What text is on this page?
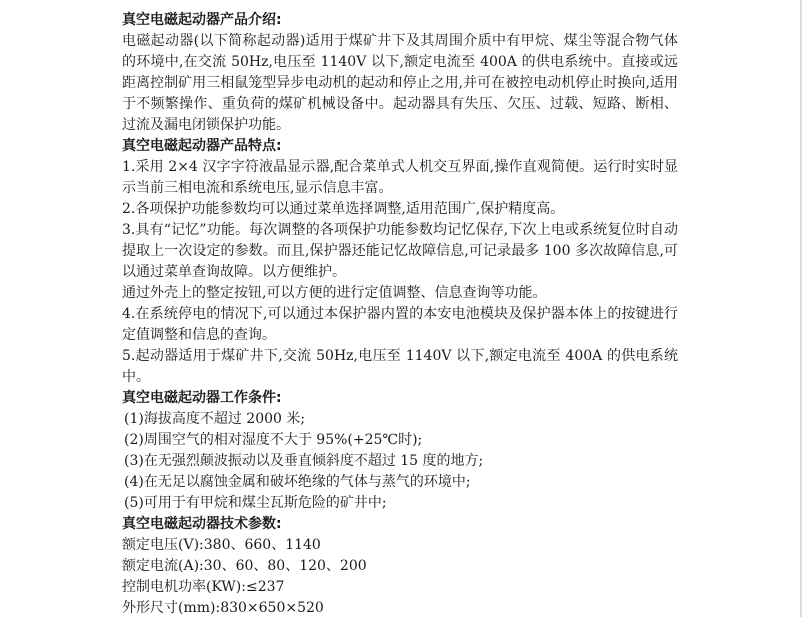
真空电磁起动器产品介绍:

电磁起动器(以下简称起动器)适用于煤矿井下及其周围介质中有甲烷、煤尘等混合物气体的环境中,在交流 50Hz,电压至 1140V 以下,额定电流至 400A 的供电系统中。直接或远距离控制矿用三相鼠笼型异步电动机的起动和停止之用,并可在被控电动机停止时换向,适用于不频繁操作、重负荷的煤矿机械设备中。起动器具有失压、欠压、过载、短路、断相、过流及漏电闭锁保护功能。

真空电磁起动器产品特点:

1.采用 2×4 汉字字符液晶显示器,配合菜单式人机交互界面,操作直观简便。运行时实时显示当前三相电流和系统电压,显示信息丰富。

2.各项保护功能参数均可以通过菜单选择调整,适用范围广,保护精度高。

3.具有“记忆”功能。每次调整的各项保护功能参数均记忆保存,下次上电或系统复位时自动提取上一次设定的参数。而且,保护器还能记忆故障信息,可记录最多 100 多次故障信息,可以通过菜单查询故障。以方便维护。

通过外壳上的整定按钮,可以方便的进行定值调整、信息查询等功能。

4.在系统停电的情况下,可以通过本保护器内置的本安电池模块及保护器本体上的按键进行定值调整和信息的查询。

5.起动器适用于煤矿井下,交流 50Hz,电压至 1140V 以下,额定电流至 400A 的供电系统中。

真空电磁起动器工作条件:

(1)海拔高度不超过 2000 米;

(2)周围空气的相对湿度不大于 95%(+25℃时);

(3)在无强烈颠波振动以及垂直倾斜度不超过 15 度的地方;

(4)在无足以腐蚀金属和破坏绝缘的气体与蒸气的环境中;

(5)可用于有甲烷和煤尘瓦斯危险的矿井中;

真空电磁起动器技术参数:

额定电压(V):380、660、1140

额定电流(A):30、60、80、120、200

控制电机功率(KW):≤237

外形尺寸(mm):830×650×520
